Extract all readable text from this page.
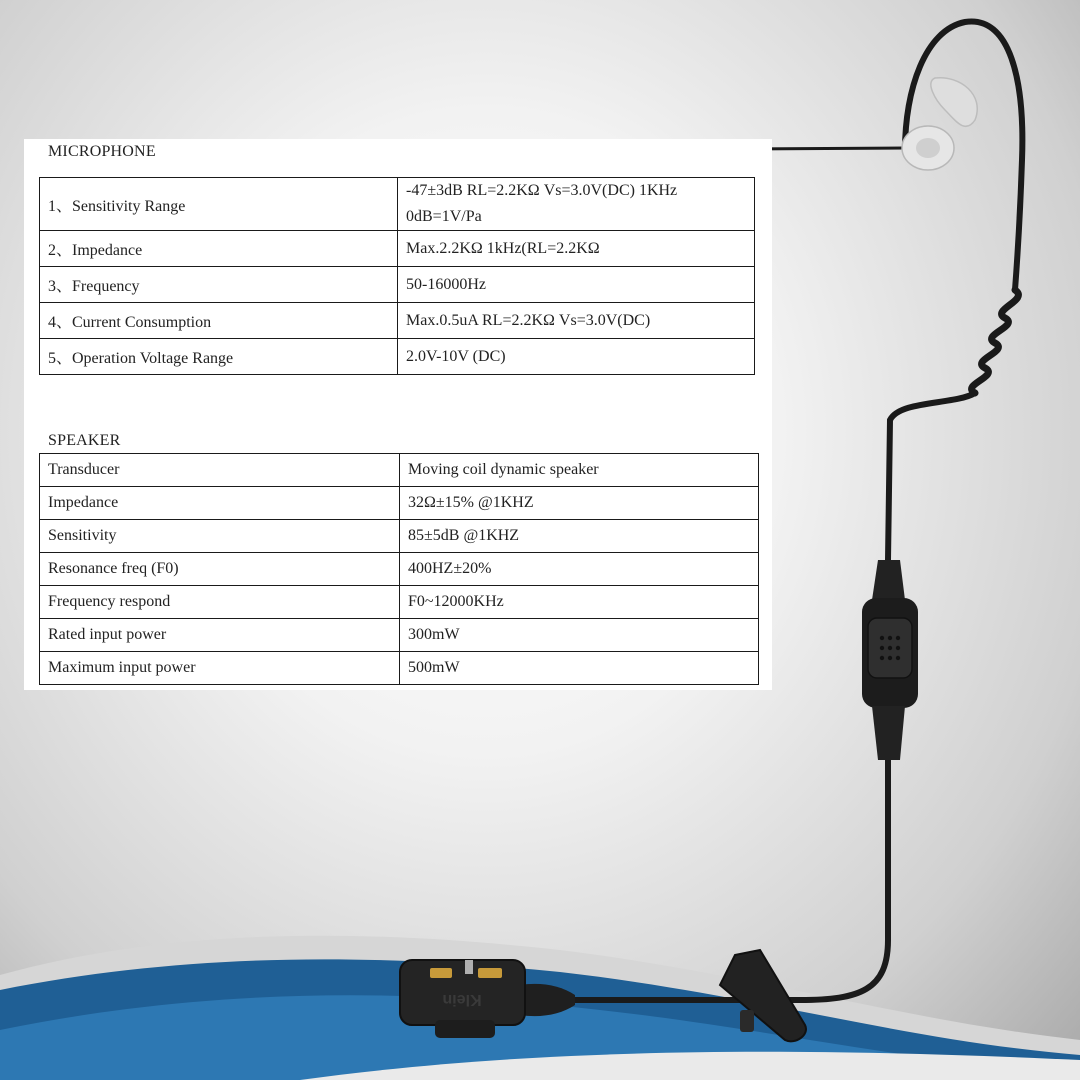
Klein
MICROPHONE
1、Sensitivity Range	-47±3dB RL=2.2KΩ Vs=3.0V(DC) 1KHz 0dB=1V/Pa
2、Impedance	Max.2.2KΩ 1kHz(RL=2.2KΩ
3、Frequency	50-16000Hz
4、Current Consumption	Max.0.5uA RL=2.2KΩ Vs=3.0V(DC)
5、Operation Voltage Range	2.0V-10V (DC)
SPEAKER
Transducer	Moving coil dynamic speaker
Impedance	32Ω±15% @1KHZ
Sensitivity	85±5dB @1KHZ
Resonance freq (F0)	400HZ±20%
Frequency respond	F0~12000KHz
Rated input power	300mW
Maximum input power	500mW
